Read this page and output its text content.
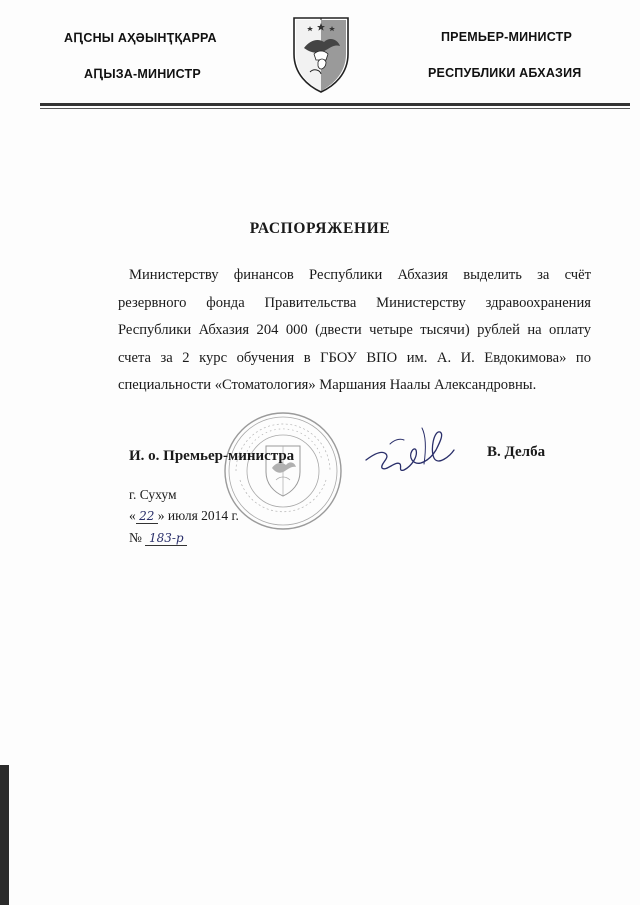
АԤСНЫ АҲӘЫНҬҚАРРА
АԤЫЗА-МИНИСТР
ПРЕМЬЕР-МИНИСТР
РЕСПУБЛИКИ АБХАЗИЯ
РАСПОРЯЖЕНИЕ
Министерству финансов Республики Абхазия выделить за счёт резервного фонда Правительства Министерству здравоохранения Республики Абхазия 204 000 (двести четыре тысячи) рублей на оплату счета за 2 курс обучения в ГБОУ ВПО им. А. И. Евдокимова» по специальности «Стоматология» Маршания Наалы Александровны.
И. о. Премьер-министра	В. Делба
г. Сухум
« 22 » июля 2014 г.
№ 183-р
